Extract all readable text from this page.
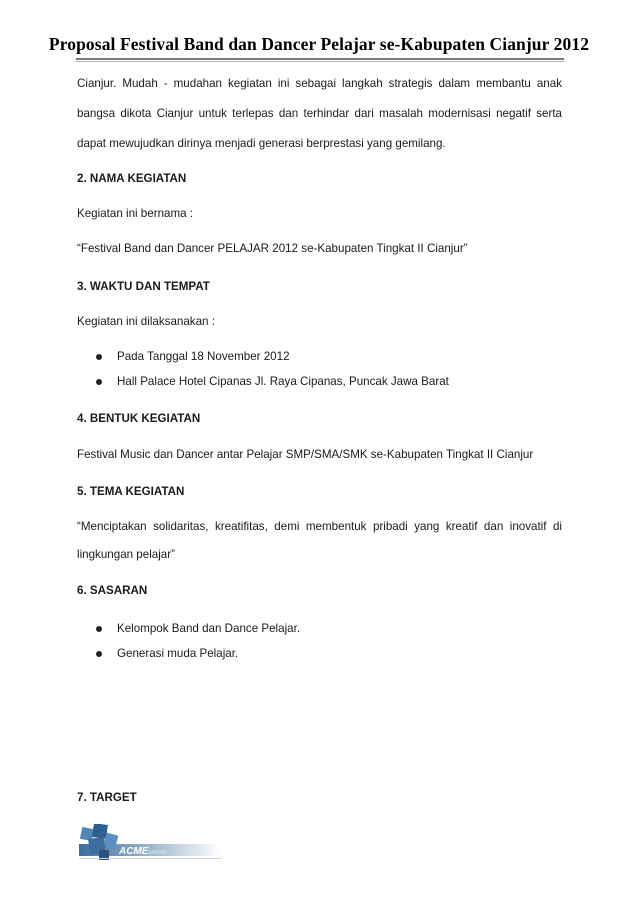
Proposal Festival Band dan Dancer Pelajar se-Kabupaten Cianjur 2012
Cianjur. Mudah - mudahan kegiatan ini sebagai langkah strategis dalam membantu anak
bangsa dikota Cianjur untuk terlepas dan terhindar dari masalah modernisasi negatif serta
dapat mewujudkan dirinya menjadi generasi berprestasi yang gemilang.
2. NAMA KEGIATAN
Kegiatan ini bernama :
“Festival Band dan Dancer PELAJAR 2012 se-Kabupaten Tingkat II Cianjur”
3. WAKTU DAN TEMPAT
Kegiatan ini dilaksanakan :
Pada Tanggal 18 November 2012
Hall Palace Hotel Cipanas Jl. Raya Cipanas, Puncak Jawa Barat
4. BENTUK KEGIATAN
Festival Music dan Dancer antar Pelajar SMP/SMA/SMK se-Kabupaten Tingkat II Cianjur
5. TEMA KEGIATAN
“Menciptakan solidaritas, kreatifitas, demi membentuk pribadi yang kreatif dan inovatif di
lingkungan pelajar”
6. SASARAN
Kelompok Band dan Dance Pelajar.
Generasi muda Pelajar.
7. TARGET
ACME MAKAR
